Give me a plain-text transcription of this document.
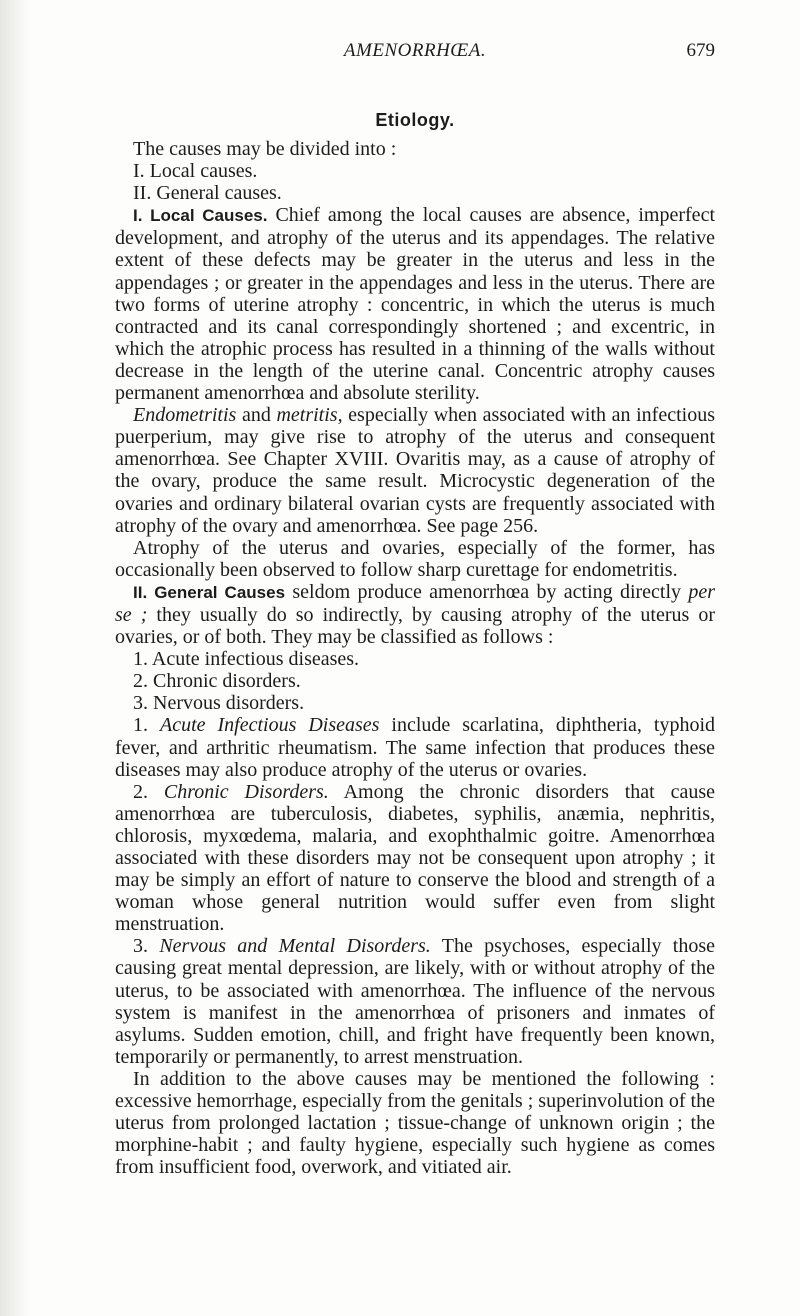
AMENORRHŒA.	679
Etiology.

The causes may be divided into :

I. Local causes.

II. General causes.

I. Local Causes. Chief among the local causes are absence, imperfect development, and atrophy of the uterus and its appendages. The relative extent of these defects may be greater in the uterus and less in the appendages ; or greater in the appendages and less in the uterus. There are two forms of uterine atrophy : concentric, in which the uterus is much contracted and its canal correspondingly shortened ; and excentric, in which the atrophic process has resulted in a thinning of the walls without decrease in the length of the uterine canal. Concentric atrophy causes permanent amenorrhœa and absolute sterility.

Endometritis and metritis, especially when associated with an infectious puerperium, may give rise to atrophy of the uterus and consequent amenorrhœa. See Chapter XVIII. Ovaritis may, as a cause of atrophy of the ovary, produce the same result. Microcystic degeneration of the ovaries and ordinary bilateral ovarian cysts are frequently associated with atrophy of the ovary and amenorrhœa. See page 256.

Atrophy of the uterus and ovaries, especially of the former, has occasionally been observed to follow sharp curettage for endometritis.

II. General Causes seldom produce amenorrhœa by acting directly per se ; they usually do so indirectly, by causing atrophy of the uterus or ovaries, or of both. They may be classified as follows :

1. Acute infectious diseases.

2. Chronic disorders.

3. Nervous disorders.

1. Acute Infectious Diseases include scarlatina, diphtheria, typhoid fever, and arthritic rheumatism. The same infection that produces these diseases may also produce atrophy of the uterus or ovaries.

2. Chronic Disorders. Among the chronic disorders that cause amenorrhœa are tuberculosis, diabetes, syphilis, anæmia, nephritis, chlorosis, myxœdema, malaria, and exophthalmic goitre. Amenorrhœa associated with these disorders may not be consequent upon atrophy ; it may be simply an effort of nature to conserve the blood and strength of a woman whose general nutrition would suffer even from slight menstruation.

3. Nervous and Mental Disorders. The psychoses, especially those causing great mental depression, are likely, with or without atrophy of the uterus, to be associated with amenorrhœa. The influence of the nervous system is manifest in the amenorrhœa of prisoners and inmates of asylums. Sudden emotion, chill, and fright have frequently been known, temporarily or permanently, to arrest menstruation.

In addition to the above causes may be mentioned the following : excessive hemorrhage, especially from the genitals ; superinvolution of the uterus from prolonged lactation ; tissue-change of unknown origin ; the morphine-habit ; and faulty hygiene, especially such hygiene as comes from insufficient food, overwork, and vitiated air.
